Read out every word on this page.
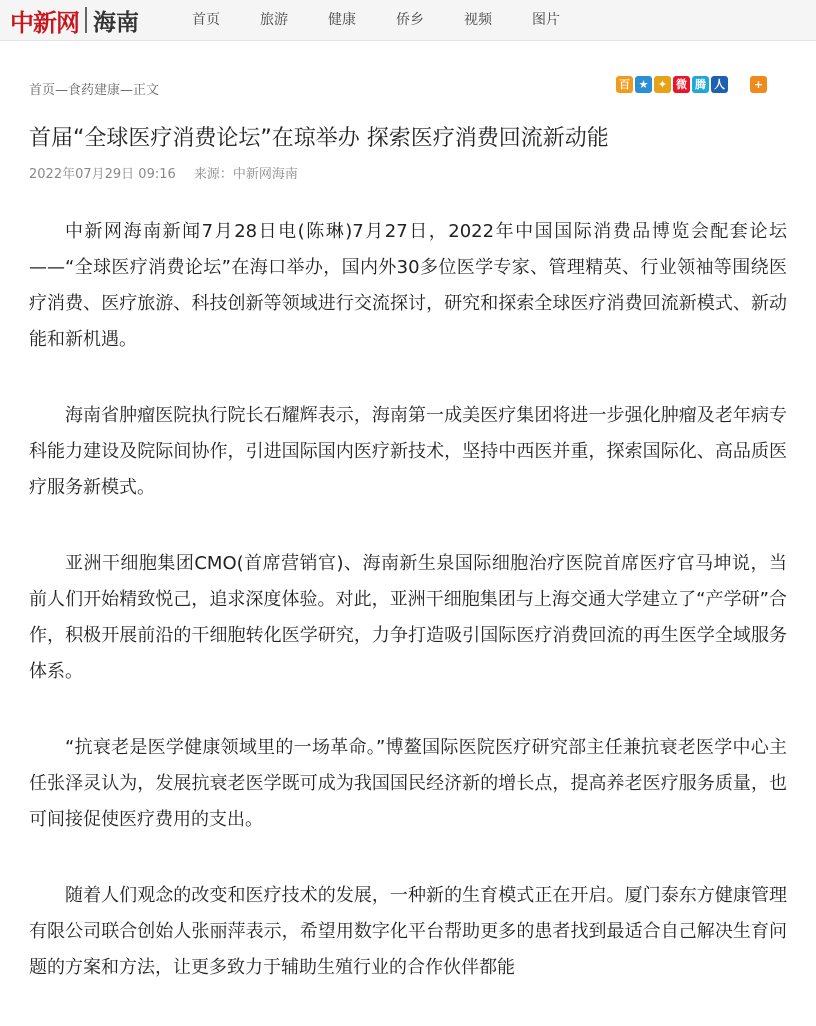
中新网 海南	首页	旅游	健康	侨乡	视频	图片
首页—食药建康—正文	百 ★ ✦ 微 腾 人	+
首届“全球医疗消费论坛”在琼举办 探索医疗消费回流新动能
2022年07月29日 09:16 来源：中新网海南

中新网海南新闻7月28日电(陈琳)7月27日，2022年中国国际消费品博览会配套论坛——“全球医疗消费论坛”在海口举办，国内外30多位医学专家、管理精英、行业领袖等围绕医疗消费、医疗旅游、科技创新等领域进行交流探讨，研究和探索全球医疗消费回流新模式、新动能和新机遇。

海南省肿瘤医院执行院长石耀辉表示，海南第一成美医疗集团将进一步强化肿瘤及老年病专科能力建设及院际间协作，引进国际国内医疗新技术，坚持中西医并重，探索国际化、高品质医疗服务新模式。

亚洲干细胞集团CMO(首席营销官)、海南新生泉国际细胞治疗医院首席医疗官马坤说，当前人们开始精致悦己，追求深度体验。对此，亚洲干细胞集团与上海交通大学建立了“产学研”合作，积极开展前沿的干细胞转化医学研究，力争打造吸引国际医疗消费回流的再生医学全域服务体系。

“抗衰老是医学健康领域里的一场革命。”博鳌国际医院医疗研究部主任兼抗衰老医学中心主任张泽灵认为，发展抗衰老医学既可成为我国国民经济新的增长点，提高养老医疗服务质量，也可间接促使医疗费用的支出。

随着人们观念的改变和医疗技术的发展，一种新的生育模式正在开启。厦门泰东方健康管理有限公司联合创始人张丽萍表示，希望用数字化平台帮助更多的患者找到最适合自己解决生育问题的方案和方法，让更多致力于辅助生殖行业的合作伙伴都能
